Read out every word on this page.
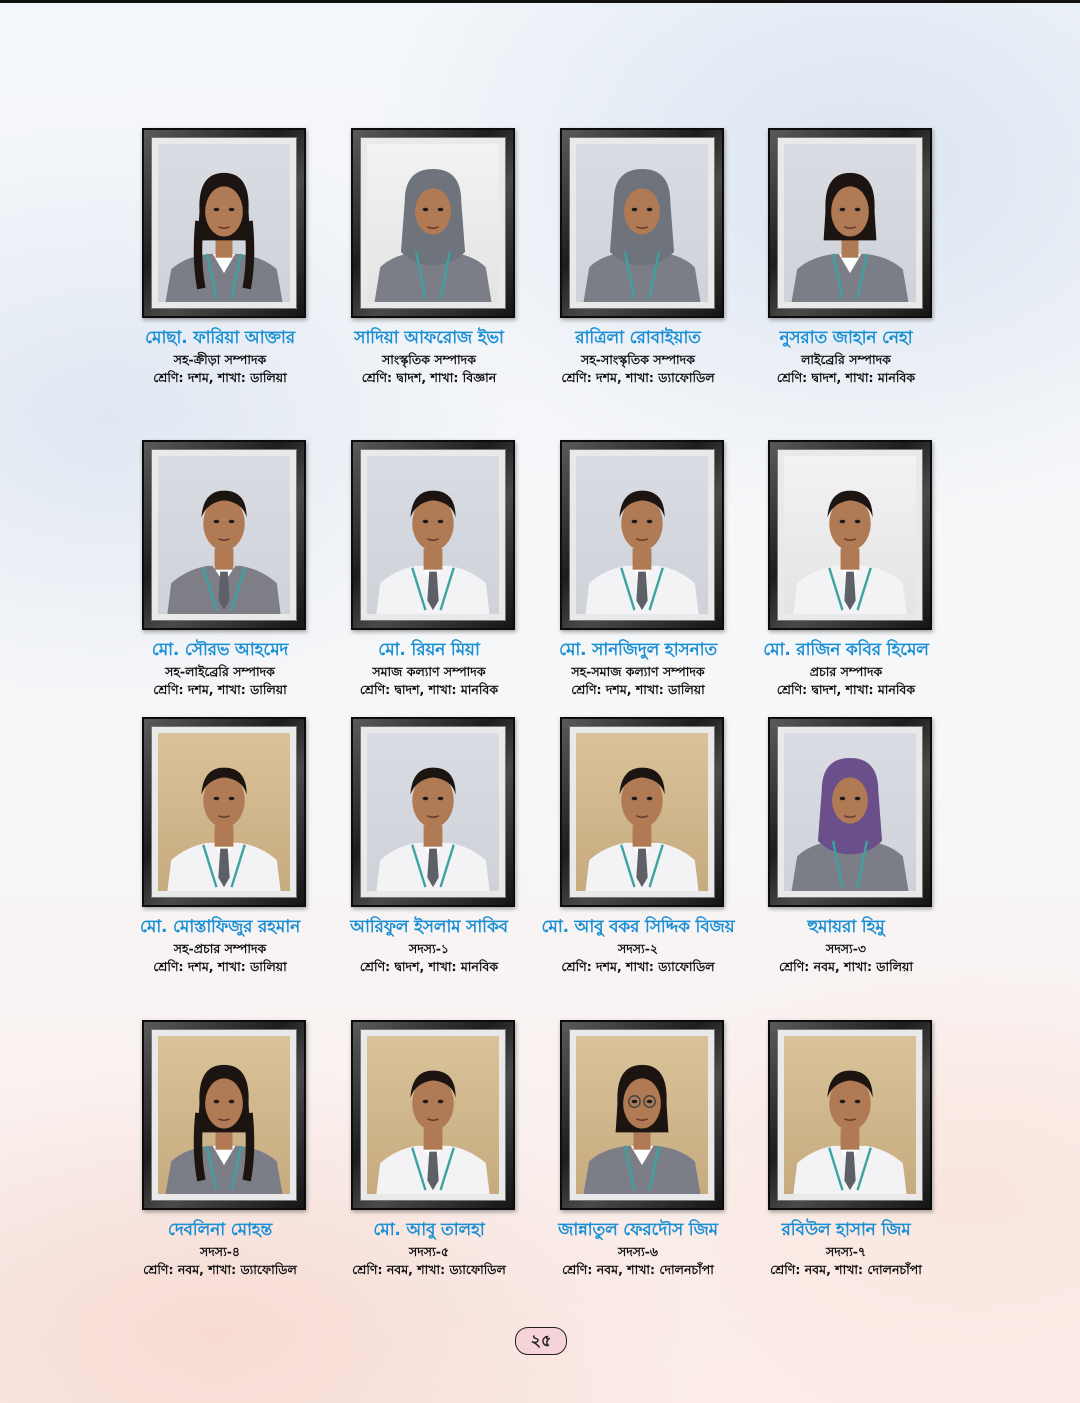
মোছা. ফারিয়া আক্তার
সহ-ক্রীড়া সম্পাদক
শ্রেণি: দশম, শাখা: ডালিয়া
সাদিয়া আফরোজ ইভা
সাংস্কৃতিক সম্পাদক
শ্রেণি: দ্বাদশ, শাখা: বিজ্ঞান
রাত্রিলা রোবাইয়াত
সহ-সাংস্কৃতিক সম্পাদক
শ্রেণি: দশম, শাখা: ড্যাফোডিল
নুসরাত জাহান নেহা
লাইব্রেরি সম্পাদক
শ্রেণি: দ্বাদশ, শাখা: মানবিক
মো. সৌরভ আহমেদ
সহ-লাইব্রেরি সম্পাদক
শ্রেণি: দশম, শাখা: ডালিয়া
মো. রিয়ন মিয়া
সমাজ কল্যাণ সম্পাদক
শ্রেণি: দ্বাদশ, শাখা: মানবিক
মো. সানজিদুল হাসনাত
সহ-সমাজ কল্যাণ সম্পাদক
শ্রেণি: দশম, শাখা: ডালিয়া
মো. রাজিন কবির হিমেল
প্রচার সম্পাদক
শ্রেণি: দ্বাদশ, শাখা: মানবিক
মো. মোস্তাফিজুর রহমান
সহ-প্রচার সম্পাদক
শ্রেণি: দশম, শাখা: ডালিয়া
আরিফুল ইসলাম সাকিব
সদস্য-১
শ্রেণি: দ্বাদশ, শাখা: মানবিক
মো. আবু বকর সিদ্দিক বিজয়
সদস্য-২
শ্রেণি: দশম, শাখা: ড্যাফোডিল
হুমায়রা হিমু
সদস্য-৩
শ্রেণি: নবম, শাখা: ডালিয়া
দেবলিনা মোহন্ত
সদস্য-৪
শ্রেণি: নবম, শাখা: ড্যাফোডিল
মো. আবু তালহা
সদস্য-৫
শ্রেণি: নবম, শাখা: ড্যাফোডিল
জান্নাতুল ফেরদৌস জিম
সদস্য-৬
শ্রেণি: নবম, শাখা: দোলনচাঁপা
রবিউল হাসান জিম
সদস্য-৭
শ্রেণি: নবম, শাখা: দোলনচাঁপা
২৫
